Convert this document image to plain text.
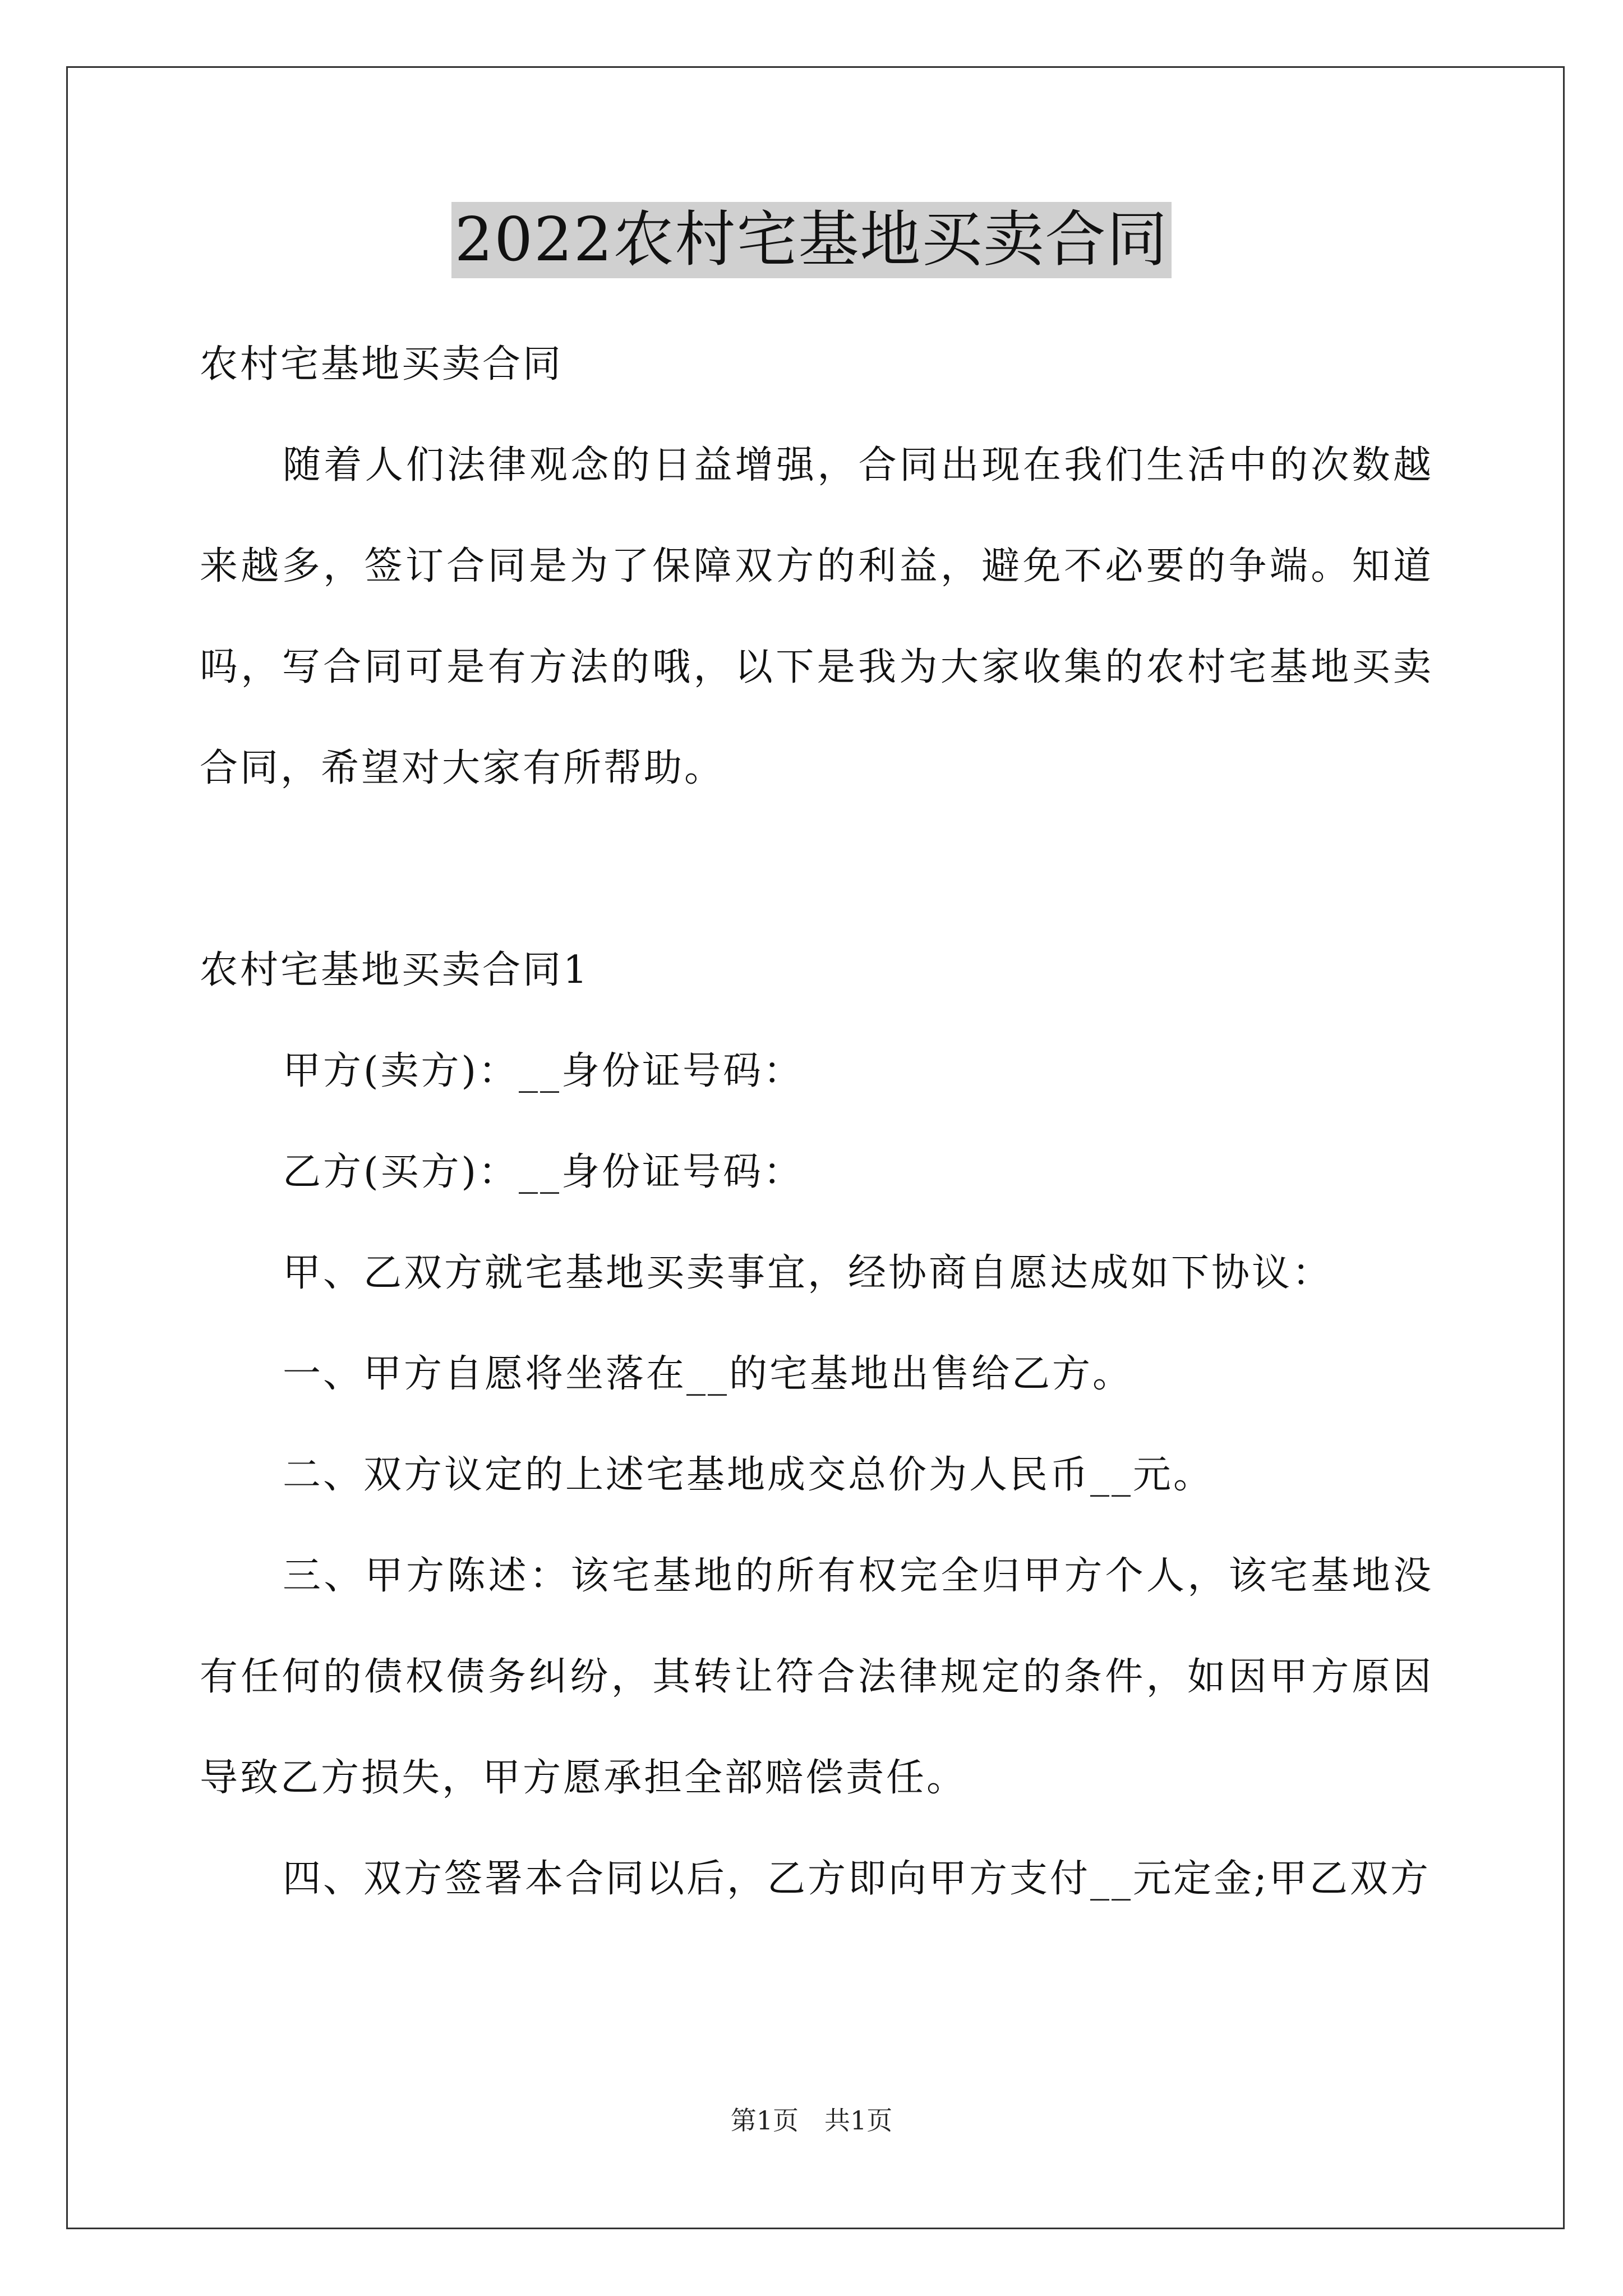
2022农村宅基地买卖合同

农村宅基地买卖合同

随着人们法律观念的日益增强，合同出现在我们生活中的次数越来越多，签订合同是为了保障双方的利益，避免不必要的争端。知道吗，写合同可是有方法的哦，以下是我为大家收集的农村宅基地买卖合同，希望对大家有所帮助。

农村宅基地买卖合同1

甲方(卖方)：__身份证号码：

乙方(买方)：__身份证号码：

甲、乙双方就宅基地买卖事宜，经协商自愿达成如下协议：

一、甲方自愿将坐落在__的宅基地出售给乙方。

二、双方议定的上述宅基地成交总价为人民币__元。

三、甲方陈述：该宅基地的所有权完全归甲方个人，该宅基地没有任何的债权债务纠纷，其转让符合法律规定的条件，如因甲方原因导致乙方损失，甲方愿承担全部赔偿责任。

四、双方签署本合同以后，乙方即向甲方支付__元定金;甲乙双方

第1页　共1页
